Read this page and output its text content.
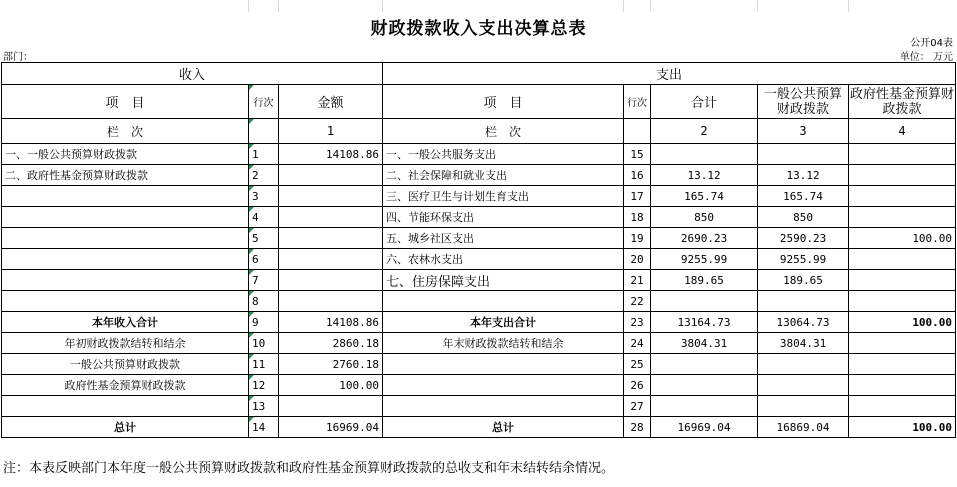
财政拨款收入支出决算总表
公开04表
部门：	单位： 万元
收入			支出				
项　目	行次	金额	项　目	行次	合计	一般公共预算财政拨款	政府性基金预算财政拨款
栏　次		1	栏　次		2	3	4
一、一般公共预算财政拨款	1	14108.86	一、一般公共服务支出	15			
二、政府性基金预算财政拨款	2		二、社会保障和就业支出	16	13.12	13.12	
	3		三、医疗卫生与计划生育支出	17	165.74	165.74	
	4		四、节能环保支出	18	850	850	
	5		五、城乡社区支出	19	2690.23	2590.23	100.00
	6		六、农林水支出	20	9255.99	9255.99	
	7		七、住房保障支出	21	189.65	189.65	
	8			22			
本年收入合计	9	14108.86	本年支出合计	23	13164.73	13064.73	100.00
年初财政拨款结转和结余	10	2860.18	年末财政拨款结转和结余	24	3804.31	3804.31	
一般公共预算财政拨款	11	2760.18		25			
政府性基金预算财政拨款	12	100.00		26			
	13			27			
总计	14	16969.04	总计	28	16969.04	16869.04	100.00
注：本表反映部门本年度一般公共预算财政拨款和政府性基金预算财政拨款的总收支和年末结转结余情况。
